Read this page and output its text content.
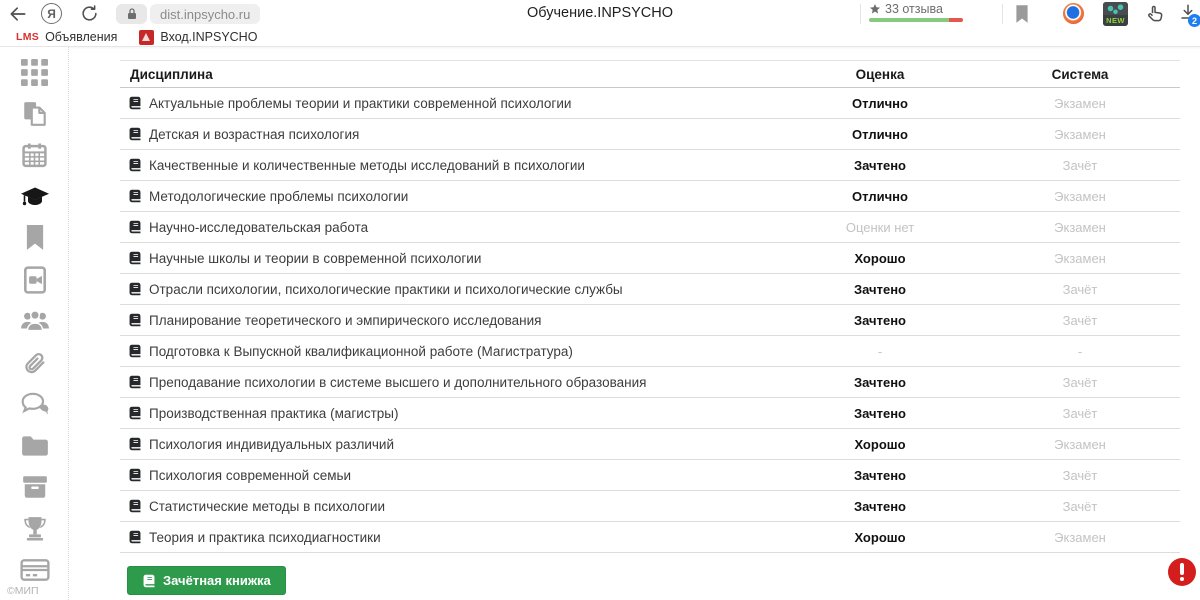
Я	dist.inpsycho.ru	Обучение.INPSYCHO	33 отзыва
NEW	2
LMS Объявления	Вход.INPSYCHO
©МИП
Дисциплина	Оценка	Система
Актуальные проблемы теории и практики современной психологии	Отлично	Экзамен
Детская и возрастная психология	Отлично	Экзамен
Качественные и количественные методы исследований в психологии	Зачтено	Зачёт
Методологические проблемы психологии	Отлично	Экзамен
Научно-исследовательская работа	Оценки нет	Экзамен
Научные школы и теории в современной психологии	Хорошо	Экзамен
Отрасли психологии, психологические практики и психологические службы	Зачтено	Зачёт
Планирование теоретического и эмпирического исследования	Зачтено	Зачёт
Подготовка к Выпускной квалификационной работе (Магистратура)	-	-
Преподавание психологии в системе высшего и дополнительного образования	Зачтено	Зачёт
Производственная практика (магистры)	Зачтено	Зачёт
Психология индивидуальных различий	Хорошо	Экзамен
Психология современной семьи	Зачтено	Зачёт
Статистические методы в психологии	Зачтено	Зачёт
Теория и практика психодиагностики	Хорошо	Экзамен
Зачётная книжка
